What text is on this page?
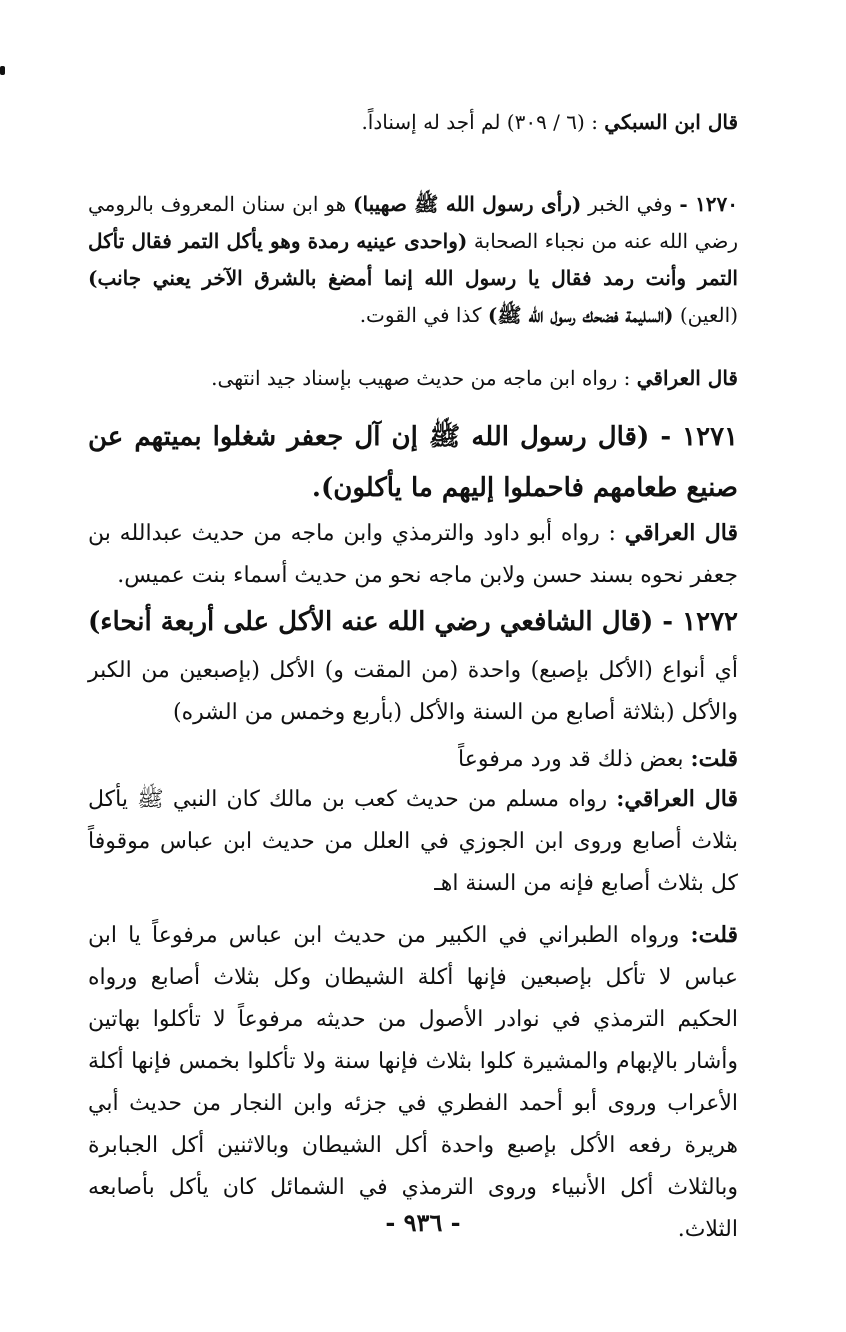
قال ابن السبكي : (٦ / ٣٠٩) لم أجد له إسناداً.

١٢٧٠ - وفي الخبر (رأى رسول الله ﷺ صهيبا) هو ابن سنان المعروف بالرومي رضي الله عنه من نجباء الصحابة (واحدى عينيه رمدة وهو يأكل التمر فقال تأكل التمر وأنت رمد فقال يا رسول الله إنما أمضغ بالشرق الآخر يعني جانب) (العين) (السليمة فضحك رسول الله ﷺ) كذا في القوت.

قال العراقي : رواه ابن ماجه من حديث صهيب بإسناد جيد انتهى.

١٢٧١ - (قال رسول الله ﷺ إن آل جعفر شغلوا بميتهم عن صنيع طعامهم فاحملوا إليهم ما يأكلون).

قال العراقي : رواه أبو داود والترمذي وابن ماجه من حديث عبدالله بن جعفر نحوه بسند حسن ولابن ماجه نحو من حديث أسماء بنت عميس.

١٢٧٢ - (قال الشافعي رضي الله عنه الأكل على أربعة أنحاء)

أي أنواع (الأكل بإصبع) واحدة (من المقت و) الأكل (بإصبعين من الكبر والأكل (بثلاثة أصابع من السنة والأكل (بأربع وخمس من الشره)

قلت: بعض ذلك قد ورد مرفوعاً

قال العراقي: رواه مسلم من حديث كعب بن مالك كان النبي ﷺ يأكل بثلاث أصابع وروى ابن الجوزي في العلل من حديث ابن عباس موقوفاً كل بثلاث أصابع فإنه من السنة اهـ

قلت: ورواه الطبراني في الكبير من حديث ابن عباس مرفوعاً يا ابن عباس لا تأكل بإصبعين فإنها أكلة الشيطان وكل بثلاث أصابع ورواه الحكيم الترمذي في نوادر الأصول من حديثه مرفوعاً لا تأكلوا بهاتين وأشار بالإبهام والمشيرة كلوا بثلاث فإنها سنة ولا تأكلوا بخمس فإنها أكلة الأعراب وروى أبو أحمد الفطري في جزئه وابن النجار من حديث أبي هريرة رفعه الأكل بإصبع واحدة أكل الشيطان وبالاثنين أكل الجبابرة وبالثلاث أكل الأنبياء وروى الترمذي في الشمائل كان يأكل بأصابعه الثلاث.

- ٩٣٦ -
